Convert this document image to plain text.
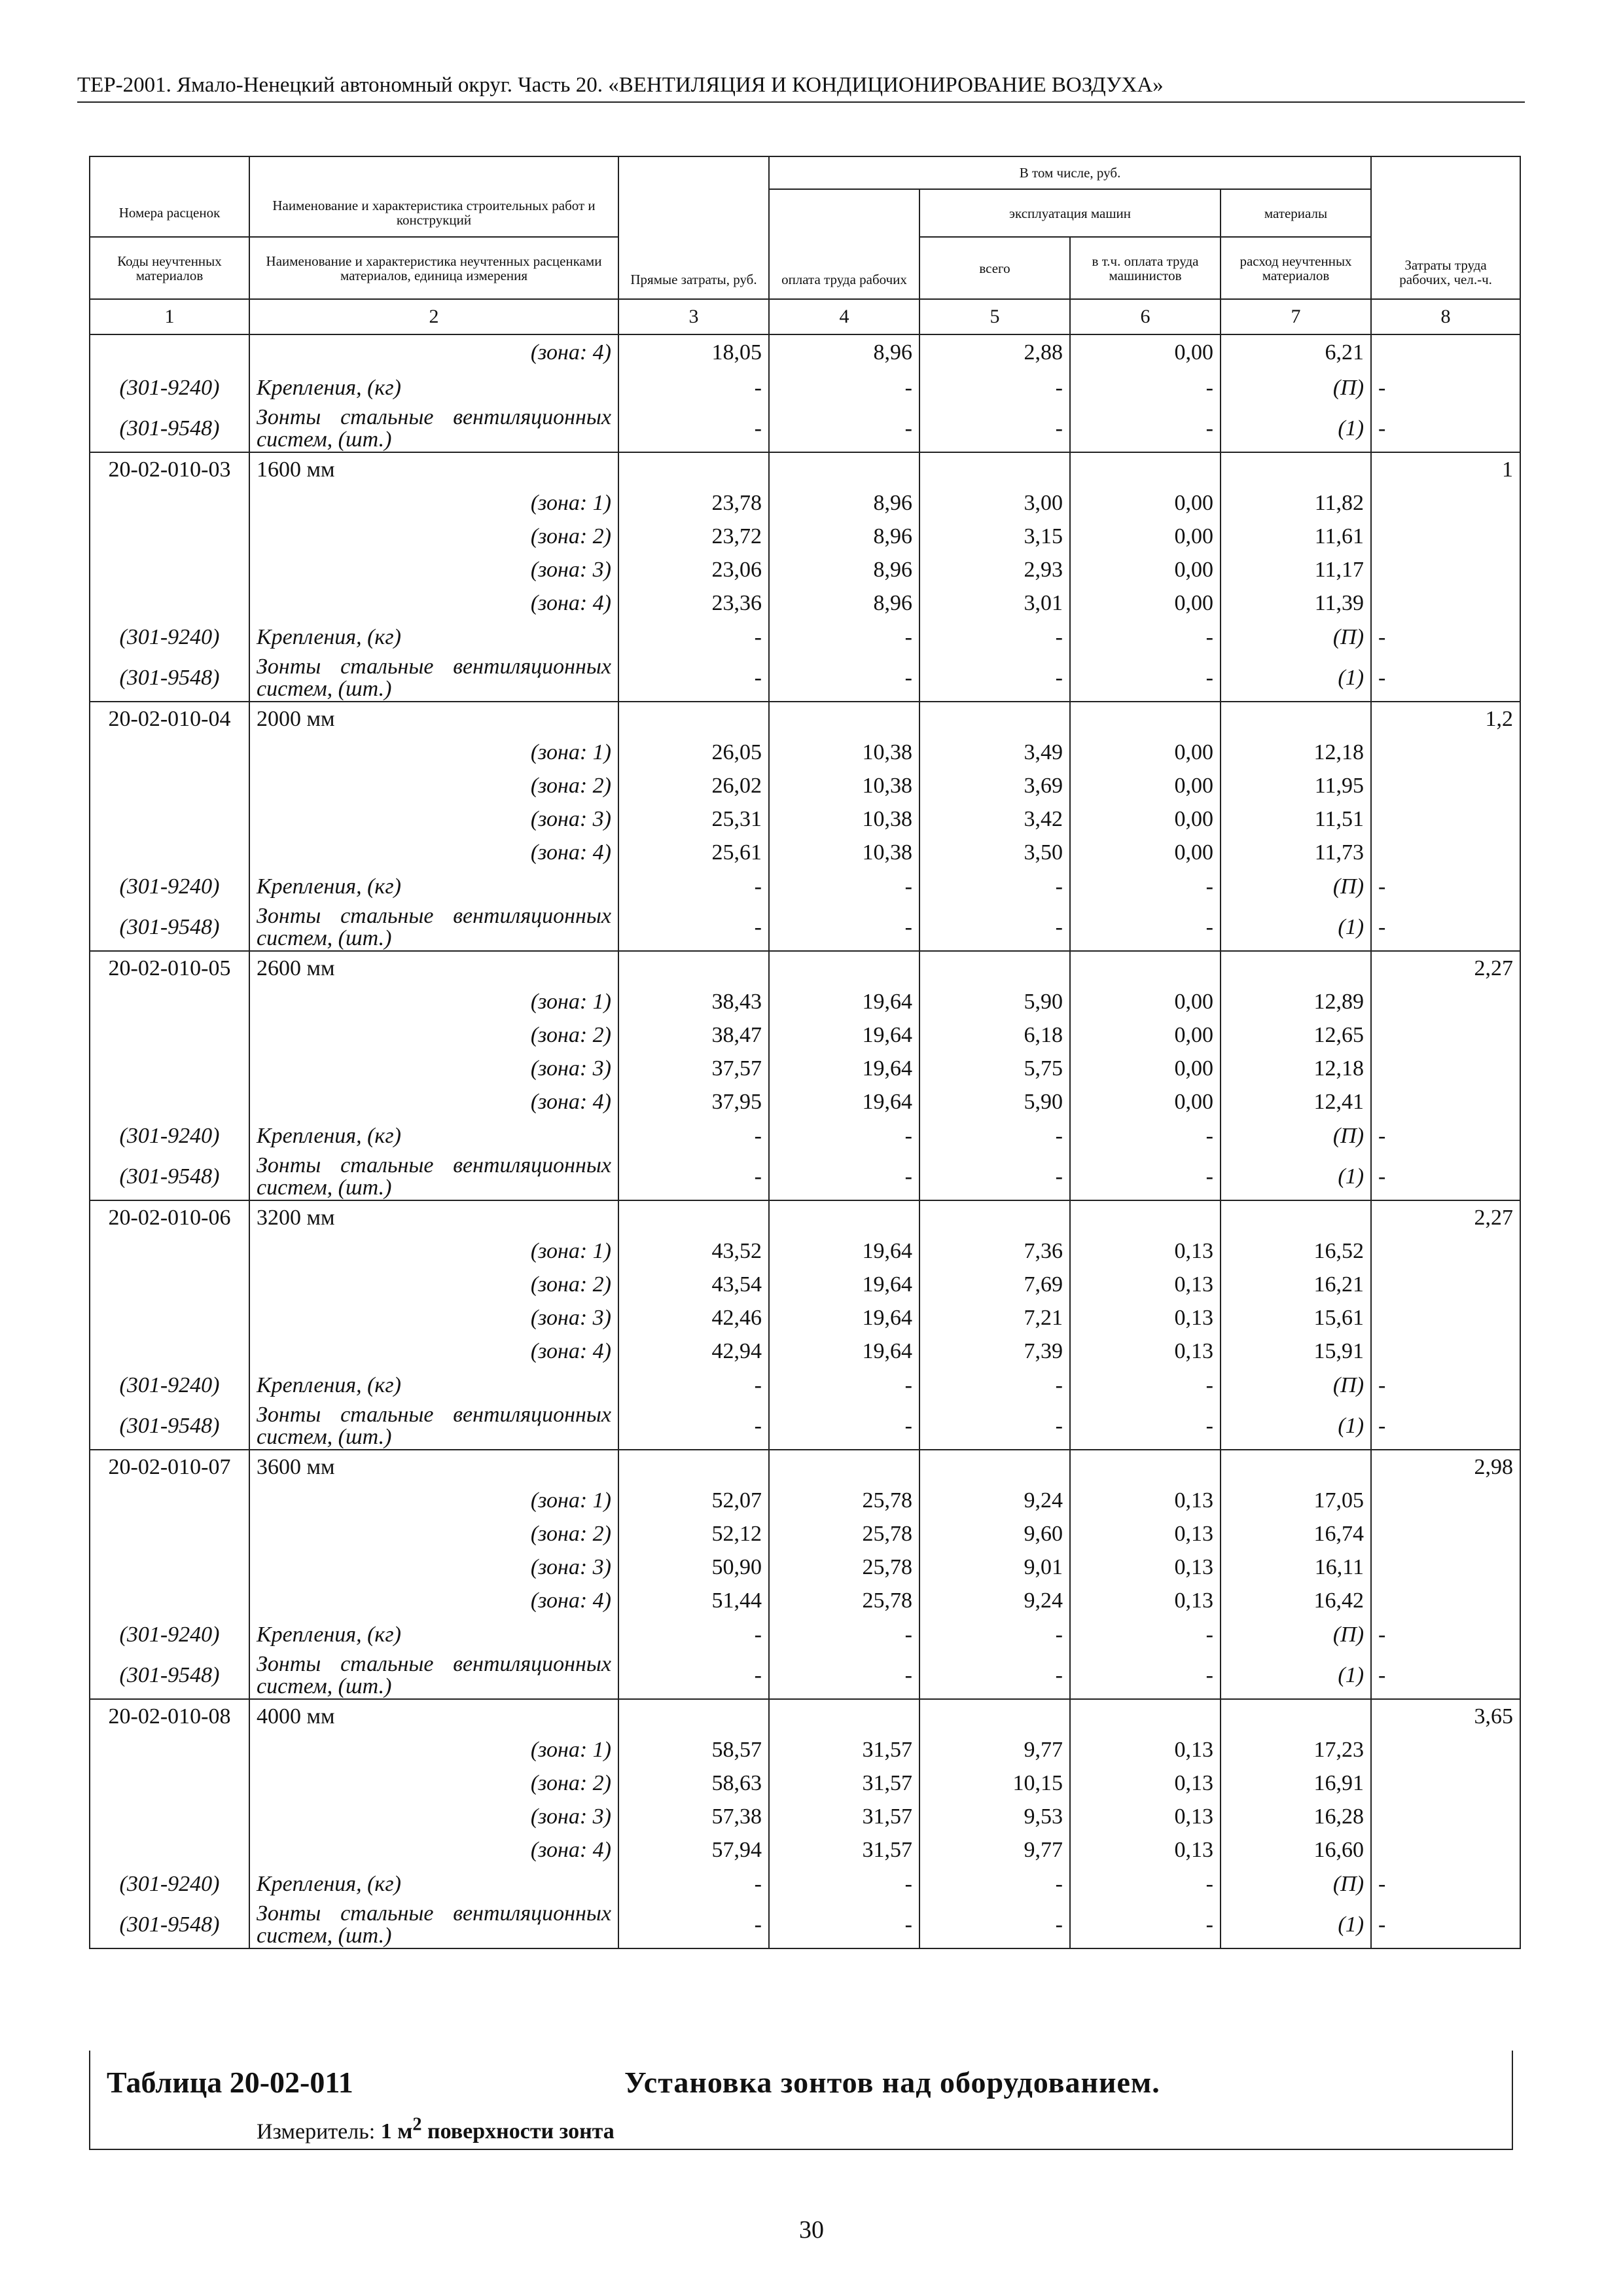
ТЕР-2001. Ямало-Ненецкий автономный округ. Часть 20. «ВЕНТИЛЯЦИЯ И КОНДИЦИОНИРОВАНИЕ ВОЗДУХА»
		Прямые затраты, руб.	В том числе, руб.				Затраты труда рабочих, чел.-ч.
Номера расценок	Наименование и характеристика строительных работ и конструкций		оплата труда рабочих	эксплуатация машин		материалы	
Коды неучтенных материалов	Наименование и характеристика неучтенных расценками материалов, единица измерения			всего	в т.ч. оплата труда машинистов	расход неучтенных материалов	
1	2	3	4	5	6	7	8
	(зона: 4)	18,05	8,96	2,88	0,00	6,21	
(301-9240)	Крепления, (кг)	-	-	-	-	(П)	-
(301-9548)	Зонты стальные вентиляционных систем, (шт.)	-	-	-	-	(1)	-
20-02-010-03	1600 мм						1
	(зона: 1)	23,78	8,96	3,00	0,00	11,82	
	(зона: 2)	23,72	8,96	3,15	0,00	11,61	
	(зона: 3)	23,06	8,96	2,93	0,00	11,17	
	(зона: 4)	23,36	8,96	3,01	0,00	11,39	
(301-9240)	Крепления, (кг)	-	-	-	-	(П)	-
(301-9548)	Зонты стальные вентиляционных систем, (шт.)	-	-	-	-	(1)	-
20-02-010-04	2000 мм						1,2
	(зона: 1)	26,05	10,38	3,49	0,00	12,18	
	(зона: 2)	26,02	10,38	3,69	0,00	11,95	
	(зона: 3)	25,31	10,38	3,42	0,00	11,51	
	(зона: 4)	25,61	10,38	3,50	0,00	11,73	
(301-9240)	Крепления, (кг)	-	-	-	-	(П)	-
(301-9548)	Зонты стальные вентиляционных систем, (шт.)	-	-	-	-	(1)	-
20-02-010-05	2600 мм						2,27
	(зона: 1)	38,43	19,64	5,90	0,00	12,89	
	(зона: 2)	38,47	19,64	6,18	0,00	12,65	
	(зона: 3)	37,57	19,64	5,75	0,00	12,18	
	(зона: 4)	37,95	19,64	5,90	0,00	12,41	
(301-9240)	Крепления, (кг)	-	-	-	-	(П)	-
(301-9548)	Зонты стальные вентиляционных систем, (шт.)	-	-	-	-	(1)	-
20-02-010-06	3200 мм						2,27
	(зона: 1)	43,52	19,64	7,36	0,13	16,52	
	(зона: 2)	43,54	19,64	7,69	0,13	16,21	
	(зона: 3)	42,46	19,64	7,21	0,13	15,61	
	(зона: 4)	42,94	19,64	7,39	0,13	15,91	
(301-9240)	Крепления, (кг)	-	-	-	-	(П)	-
(301-9548)	Зонты стальные вентиляционных систем, (шт.)	-	-	-	-	(1)	-
20-02-010-07	3600 мм						2,98
	(зона: 1)	52,07	25,78	9,24	0,13	17,05	
	(зона: 2)	52,12	25,78	9,60	0,13	16,74	
	(зона: 3)	50,90	25,78	9,01	0,13	16,11	
	(зона: 4)	51,44	25,78	9,24	0,13	16,42	
(301-9240)	Крепления, (кг)	-	-	-	-	(П)	-
(301-9548)	Зонты стальные вентиляционных систем, (шт.)	-	-	-	-	(1)	-
20-02-010-08	4000 мм						3,65
	(зона: 1)	58,57	31,57	9,77	0,13	17,23	
	(зона: 2)	58,63	31,57	10,15	0,13	16,91	
	(зона: 3)	57,38	31,57	9,53	0,13	16,28	
	(зона: 4)	57,94	31,57	9,77	0,13	16,60	
(301-9240)	Крепления, (кг)	-	-	-	-	(П)	-
(301-9548)	Зонты стальные вентиляционных систем, (шт.)	-	-	-	-	(1)	-
Таблица 20-02-011	Установка зонтов над оборудованием.
Измеритель: 1 $м^2$ поверхности зонта
30
